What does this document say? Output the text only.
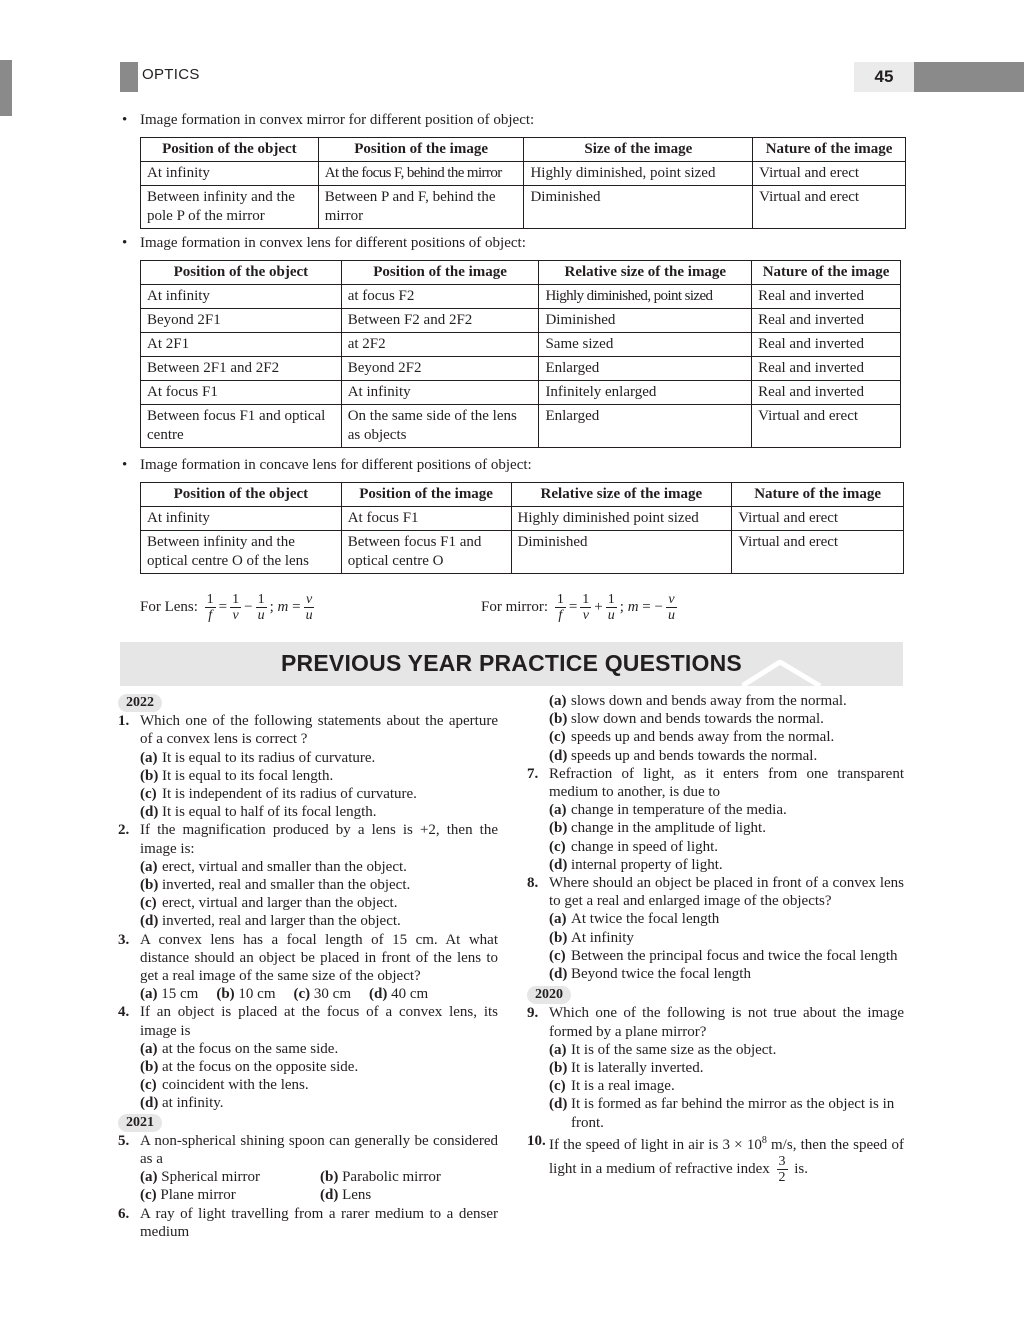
OPTICS	45
• Image formation in convex mirror for different position of object:
Position of the object	Position of the image	Size of the image	Nature of the image
At infinity	At the focus F, behind the mirror	Highly diminished, point sized	Virtual and erect
Between infinity and the pole P of the mirror	Between P and F, behind the mirror	Diminished	Virtual and erect
• Image formation in convex lens for different positions of object:
Position of the object	Position of the image	Relative size of the image	Nature of the image
At infinity	at focus F2	Highly diminished, point sized	Real and inverted
Beyond 2F1	Between F2 and 2F2	Diminished	Real and inverted
At 2F1	at 2F2	Same sized	Real and inverted
Between 2F1 and 2F2	Beyond 2F2	Enlarged	Real and inverted
At focus F1	At infinity	Infinitely enlarged	Real and inverted
Between focus F1 and optical centre	On the same side of the lens as objects	Enlarged	Virtual and erect
• Image formation in concave lens for different positions of object:
Position of the object	Position of the image	Relative size of the image	Nature of the image
At infinity	At focus F1	Highly diminished point sized	Virtual and erect
Between infinity and the optical centre O of the lens	Between focus F1 and optical centre O	Diminished	Virtual and erect
For Lens:
$\frac{1}{f} = \frac{1}{v} - \frac{1}{u}$ ; $m = \frac{v}{u}$	For mirror:
$\frac{1}{f} = \frac{1}{v} + \frac{1}{u}$ ; m = − $\frac{v}{u}$
PREVIOUS YEAR PRACTICE QUESTIONS
2022
1. Which one of the following statements about the aperture of a convex lens is correct ?
(a) It is equal to its radius of curvature.
(b) It is equal to its focal length.
(c) It is independent of its radius of curvature.
(d) It is equal to half of its focal length.
2. If the magnification produced by a lens is +2, then the image is:
(a) erect, virtual and smaller than the object.
(b) inverted, real and smaller than the object.
(c) erect, virtual and larger than the object.
(d) inverted, real and larger than the object.
3. A convex lens has a focal length of 15 cm. At what distance should an object be placed in front of the lens to get a real image of the same size of the object?
(a) 15 cm (b) 10 cm (c) 30 cm (d) 40 cm
4. If an object is placed at the focus of a convex lens, its image is
(a) at the focus on the same side.
(b) at the focus on the opposite side.
(c) coincident with the lens.
(d) at infinity.
2021
5. A non-spherical shining spoon can generally be considered as a
(a) Spherical mirror	(b) Parabolic mirror
(c) Plane mirror	(d) Lens
6. A ray of light travelling from a rarer medium to a denser medium
(a) slows down and bends away from the normal.
(b) slow down and bends towards the normal.
(c) speeds up and bends away from the normal.
(d) speeds up and bends towards the normal.
7. Refraction of light, as it enters from one transparent medium to another, is due to
(a) change in temperature of the media.
(b) change in the amplitude of light.
(c) change in speed of light.
(d) internal property of light.
8. Where should an object be placed in front of a convex lens to get a real and enlarged image of the objects?
(a) At twice the focal length
(b) At infinity
(c) Between the principal focus and twice the focal length
(d) Beyond twice the focal length
2020
9. Which one of the following is not true about the image formed by a plane mirror?
(a) It is of the same size as the object.
(b) It is laterally inverted.
(c) It is a real image.
(d) It is formed as far behind the mirror as the object is in front.
10. If the speed of light in air is $3 \times 10^8$ m/s, then the speed of light in a medium of refractive index $\frac{3}{2}$ is.
